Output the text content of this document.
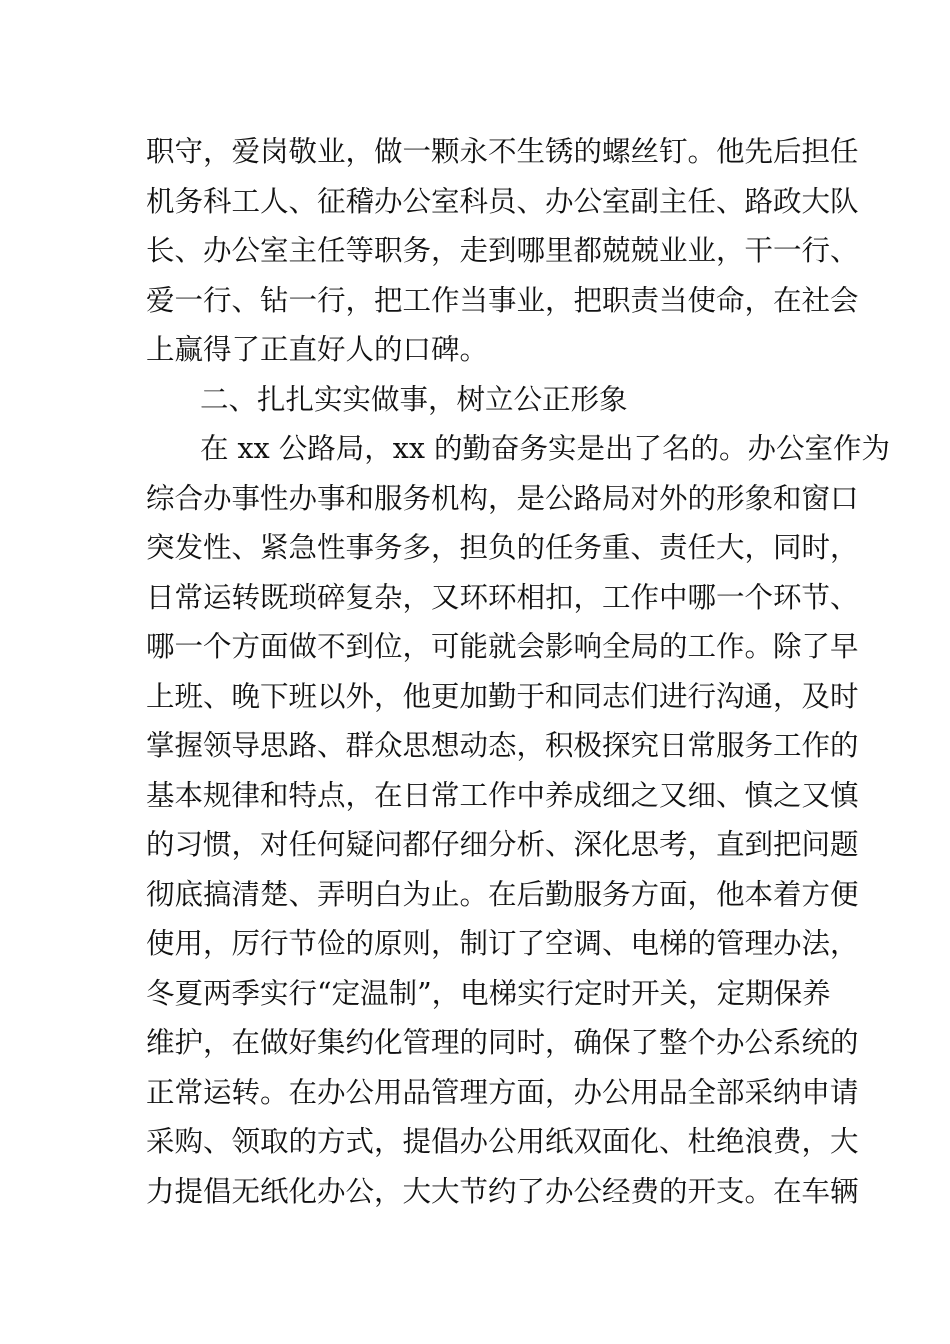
职守，爱岗敬业，做一颗永不生锈的螺丝钉。他先后担任
机务科工人、征稽办公室科员、办公室副主任、路政大队
长、办公室主任等职务，走到哪里都兢兢业业，干一行、
爱一行、钻一行，把工作当事业，把职责当使命，在社会
上赢得了正直好人的口碑。
二、扎扎实实做事，树立公正形象
在 xx 公路局，xx 的勤奋务实是出了名的。办公室作为
综合办事性办事和服务机构，是公路局对外的形象和窗口
突发性、紧急性事务多，担负的任务重、责任大，同时，
日常运转既琐碎复杂，又环环相扣，工作中哪一个环节、
哪一个方面做不到位，可能就会影响全局的工作。除了早
上班、晚下班以外，他更加勤于和同志们进行沟通，及时
掌握领导思路、群众思想动态，积极探究日常服务工作的
基本规律和特点，在日常工作中养成细之又细、慎之又慎
的习惯，对任何疑问都仔细分析、深化思考，直到把问题
彻底搞清楚、弄明白为止。在后勤服务方面，他本着方便
使用，厉行节俭的原则，制订了空调、电梯的管理办法，
冬夏两季实行“定温制”，电梯实行定时开关，定期保养
维护，在做好集约化管理的同时，确保了整个办公系统的
正常运转。在办公用品管理方面，办公用品全部采纳申请
采购、领取的方式，提倡办公用纸双面化、杜绝浪费，大
力提倡无纸化办公，大大节约了办公经费的开支。在车辆
